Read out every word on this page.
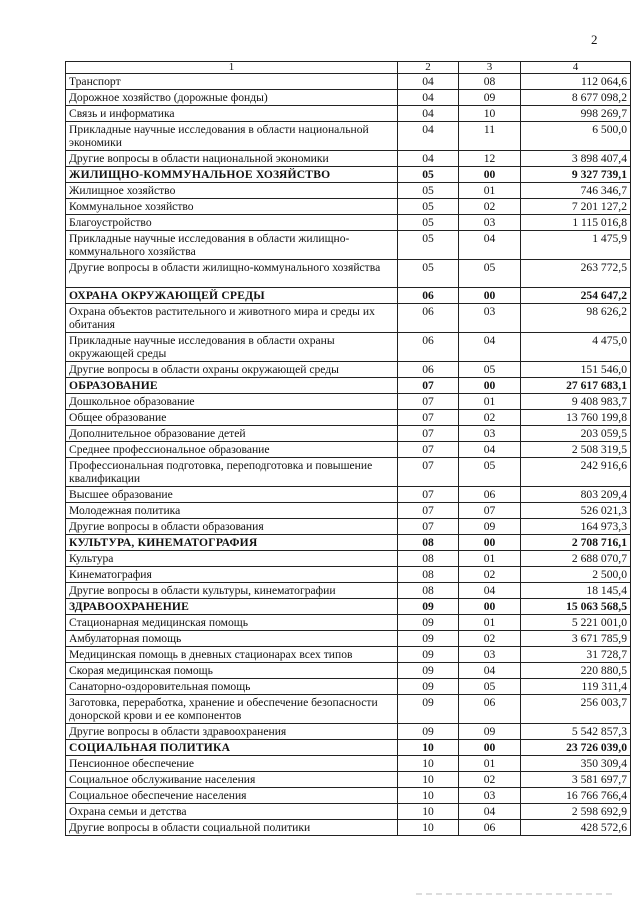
2
1	2	3	4
Транспорт	04	08	112 064,6
Дорожное хозяйство (дорожные фонды)	04	09	8 677 098,2
Связь и информатика	04	10	998 269,7
Прикладные научные исследования в области национальной экономики	04	11	6 500,0
Другие вопросы в области национальной экономики	04	12	3 898 407,4
ЖИЛИЩНО-КОММУНАЛЬНОЕ ХОЗЯЙСТВО	05	00	9 327 739,1
Жилищное хозяйство	05	01	746 346,7
Коммунальное хозяйство	05	02	7 201 127,2
Благоустройство	05	03	1 115 016,8
Прикладные научные исследования в области жилищно-коммунального хозяйства	05	04	1 475,9
Другие вопросы в области жилищно-коммунального хозяйства	05	05	263 772,5
ОХРАНА ОКРУЖАЮЩЕЙ СРЕДЫ	06	00	254 647,2
Охрана объектов растительного и животного мира и среды их обитания	06	03	98 626,2
Прикладные научные исследования в области охраны окружающей среды	06	04	4 475,0
Другие вопросы в области охраны окружающей среды	06	05	151 546,0
ОБРАЗОВАНИЕ	07	00	27 617 683,1
Дошкольное образование	07	01	9 408 983,7
Общее образование	07	02	13 760 199,8
Дополнительное образование детей	07	03	203 059,5
Среднее профессиональное образование	07	04	2 508 319,5
Профессиональная подготовка, переподготовка и повышение квалификации	07	05	242 916,6
Высшее образование	07	06	803 209,4
Молодежная политика	07	07	526 021,3
Другие вопросы в области образования	07	09	164 973,3
КУЛЬТУРА, КИНЕМАТОГРАФИЯ	08	00	2 708 716,1
Культура	08	01	2 688 070,7
Кинематография	08	02	2 500,0
Другие вопросы в области культуры, кинематографии	08	04	18 145,4
ЗДРАВООХРАНЕНИЕ	09	00	15 063 568,5
Стационарная медицинская помощь	09	01	5 221 001,0
Амбулаторная помощь	09	02	3 671 785,9
Медицинская помощь в дневных стационарах всех типов	09	03	31 728,7
Скорая медицинская помощь	09	04	220 880,5
Санаторно-оздоровительная помощь	09	05	119 311,4
Заготовка, переработка, хранение и обеспечение безопасности донорской крови и ее компонентов	09	06	256 003,7
Другие вопросы в области здравоохранения	09	09	5 542 857,3
СОЦИАЛЬНАЯ ПОЛИТИКА	10	00	23 726 039,0
Пенсионное обеспечение	10	01	350 309,4
Социальное обслуживание населения	10	02	3 581 697,7
Социальное обеспечение населения	10	03	16 766 766,4
Охрана семьи и детства	10	04	2 598 692,9
Другие вопросы в области социальной политики	10	06	428 572,6
